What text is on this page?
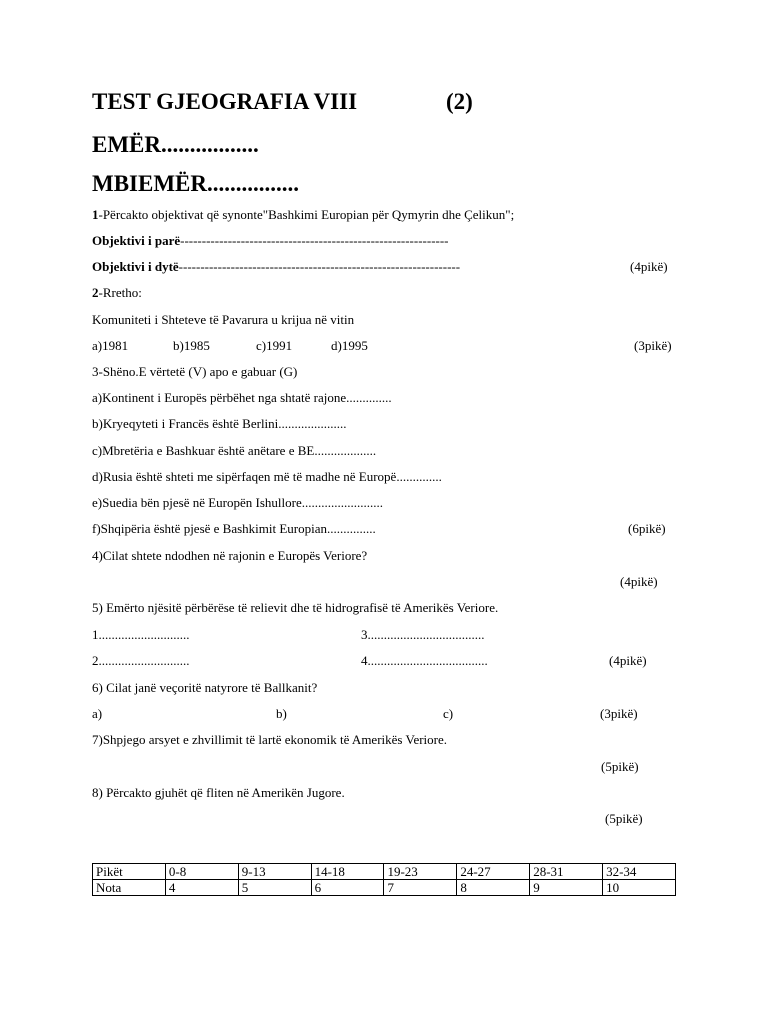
TEST GJEOGRAFIA VIII	(2)
EMËR.................
MBIEMËR................
1-Përcakto objektivat që synonte"Bashkimi Europian për Qymyrin dhe Çelikun";
Objektivi i parë--------------------------------------------------------------
Objektivi i dytë-----------------------------------------------------------------	(4pikë)
2-Rretho:
Komuniteti i Shteteve të Pavarura u krijua në vitin
a)1981	b)1985	c)1991	d)1995	(3pikë)
3-Shëno.E vërtetë (V) apo e gabuar (G)
a)Kontinent i Europës përbëhet nga shtatë rajone..............
b)Kryeqyteti i Francës është Berlini.....................
c)Mbretëria e Bashkuar është anëtare e BE...................
d)Rusia është shteti me sipërfaqen më të madhe në Europë..............
e)Suedia bën pjesë në Europën Ishullore.........................
f)Shqipëria është pjesë e Bashkimit Europian...............	(6pikë)
4)Cilat shtete ndodhen në rajonin e Europës Veriore?
(4pikë)
5) Emërto njësitë përbërëse të relievit dhe të hidrografisë të Amerikës Veriore.
1............................	3....................................
2............................	4.....................................	(4pikë)
6) Cilat janë veçoritë natyrore të Ballkanit?
a)	b)	c)	(3pikë)
7)Shpjego arsyet e zhvillimit të lartë ekonomik të Amerikës Veriore.
(5pikë)
8) Përcakto gjuhët që fliten në Amerikën Jugore.
(5pikë)
Pikët	0-8	9-13	14-18	19-23	24-27	28-31	32-34
Nota	4	5	6	7	8	9	10
